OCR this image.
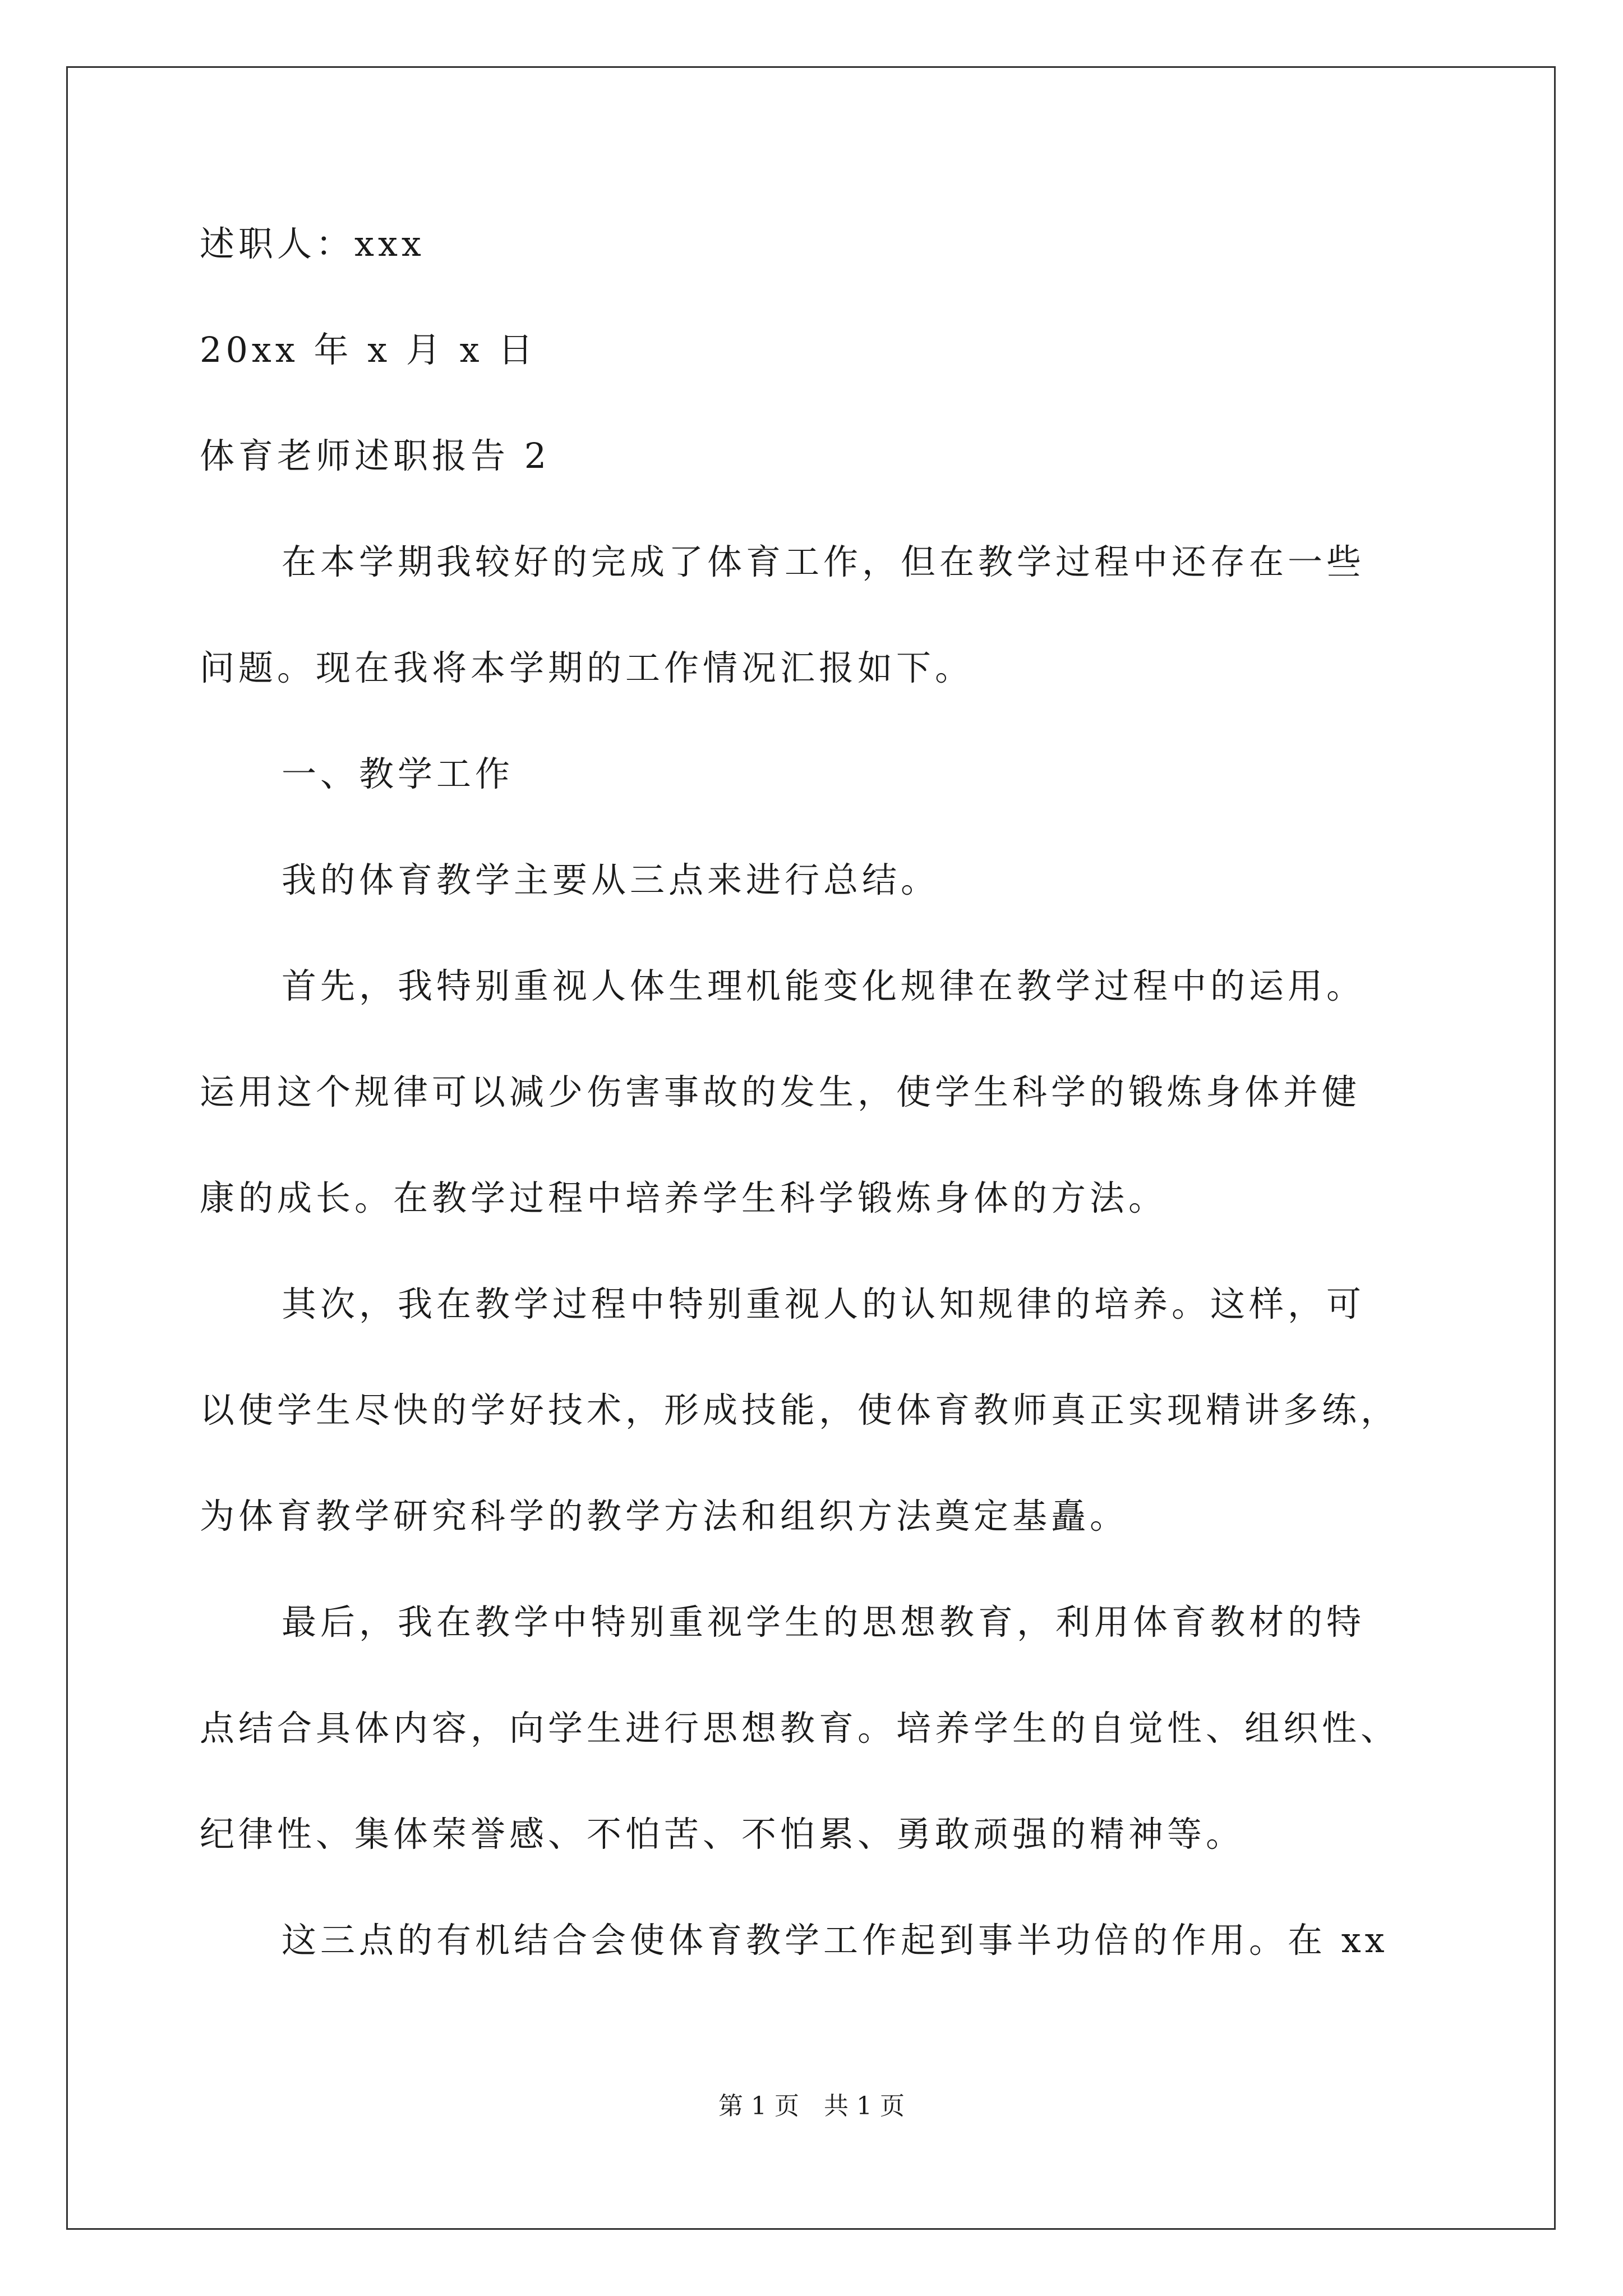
述职人：xxx
20xx 年 x 月 x 日
体育老师述职报告 2
在本学期我较好的完成了体育工作，但在教学过程中还存在一些
问题。现在我将本学期的工作情况汇报如下。
一、教学工作
我的体育教学主要从三点来进行总结。
首先，我特别重视人体生理机能变化规律在教学过程中的运用。
运用这个规律可以减少伤害事故的发生，使学生科学的锻炼身体并健
康的成长。在教学过程中培养学生科学锻炼身体的方法。
其次，我在教学过程中特别重视人的认知规律的培养。这样，可
以使学生尽快的学好技术，形成技能，使体育教师真正实现精讲多练，
为体育教学研究科学的教学方法和组织方法奠定基矗。
最后，我在教学中特别重视学生的思想教育，利用体育教材的特
点结合具体内容，向学生进行思想教育。培养学生的自觉性、组织性、
纪律性、集体荣誉感、不怕苦、不怕累、勇敢顽强的精神等。
这三点的有机结合会使体育教学工作起到事半功倍的作用。在 xx
第 1 页　共 1 页
